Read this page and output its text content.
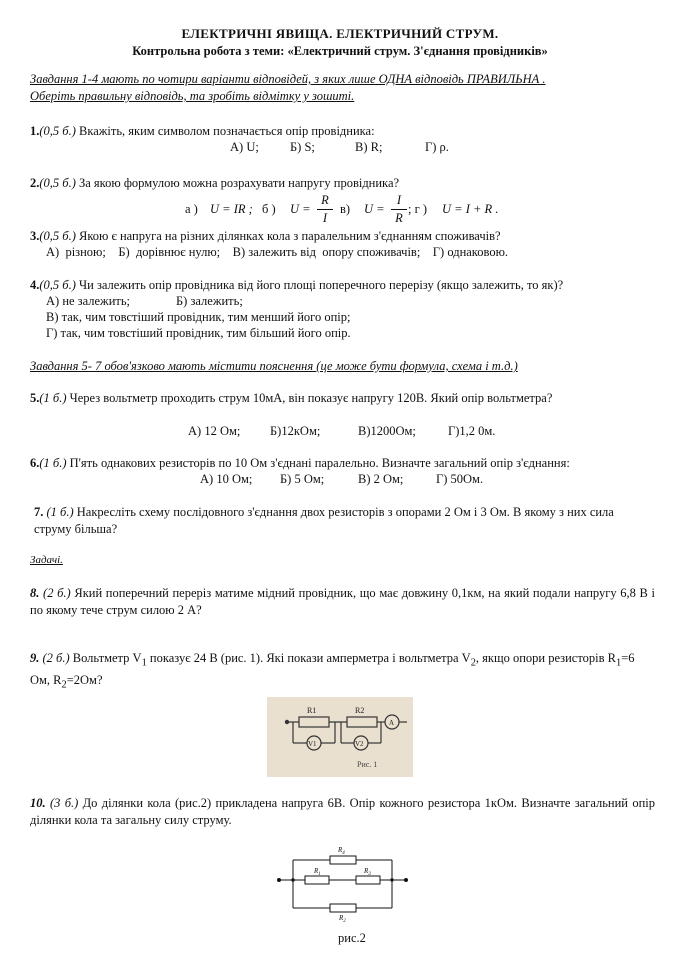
ЕЛЕКТРИЧНІ ЯВИЩА. ЕЛЕКТРИЧНИЙ СТРУМ.
Контрольна робота з теми: «Електричний струм. З'єднання провідників»
Завдання 1-4 мають по чотири варіанти відповідей, з яких лише ОДНА відповідь ПРАВИЛЬНА .
Оберіть правильну відповідь, та зробіть відмітку у зошиті.
1.(0,5 б.) Вкажіть, яким символом позначається опір провідника:
А) U; Б) S;	В) R;	Г) ρ.
2.(0,5 б.) За якою формулою можна розрахувати напругу провідника?
а ) U = IR ; б ) U =
R
I
в) U =
I
R
; г ) U = I + R .
3.(0,5 б.) Якою є напруга на різних ділянках кола з паралельним з'єднанням споживачів?
А)  різною;    Б)  дорівнює нулю;    В) залежить від  опору споживачів;    Г) однаковою.
4.(0,5 б.) Чи залежить опір провідника від його площі поперечного перерізу (якщо залежить, то як)?
А) не залежить;	Б) залежить;
В) так, чим товстіший провідник, тим менший його опір;
Г) так, чим товстіший провідник, тим більший його опір.
Завдання 5- 7 обов'язково мають містити пояснення (це може бути формула, схема і т.д.)
5.(1 б.) Через вольтметр проходить струм 10мА, він показує напругу 120В. Який опір вольтметра?
А) 12 Ом; Б)12кОм;	В)1200Ом;	Г)1,2 0м.
6.(1 б.) П'ять однакових резисторів по 10 Ом з'єднані паралельно. Визначте загальний опір з'єднання:
А) 10 Ом; Б) 5 Ом;	В) 2 Ом;	Г) 50Ом.
7. (1 б.) Накресліть схему послідовного з'єднання двох резисторів з опорами 2 Ом і 3 Ом. В якому з них сила струму більша?
Задачі.
8. (2 б.) Який поперечний переріз матиме мідний провідник, що має довжину 0,1км, на який подали напругу 6,8 В і по якому тече струм силою 2 А?
9. (2 б.) Вольтметр $V_1$ показує 24 В (рис. 1). Які покази амперметра і вольтметра $V_2$, якщо опори резисторів $R_1=6$ Ом, $R_2=2Ом$?
R1	R2
A
V1	V2
Рис. 1
10. (3 б.) До ділянки кола (рис.2) прикладена напруга 6В. Опір кожного резистора 1кОм. Визначте загальний опір ділянки кола та загальну силу струму.
$R_4$
$R_1$	$R_3$
$R_2$
рис.2
